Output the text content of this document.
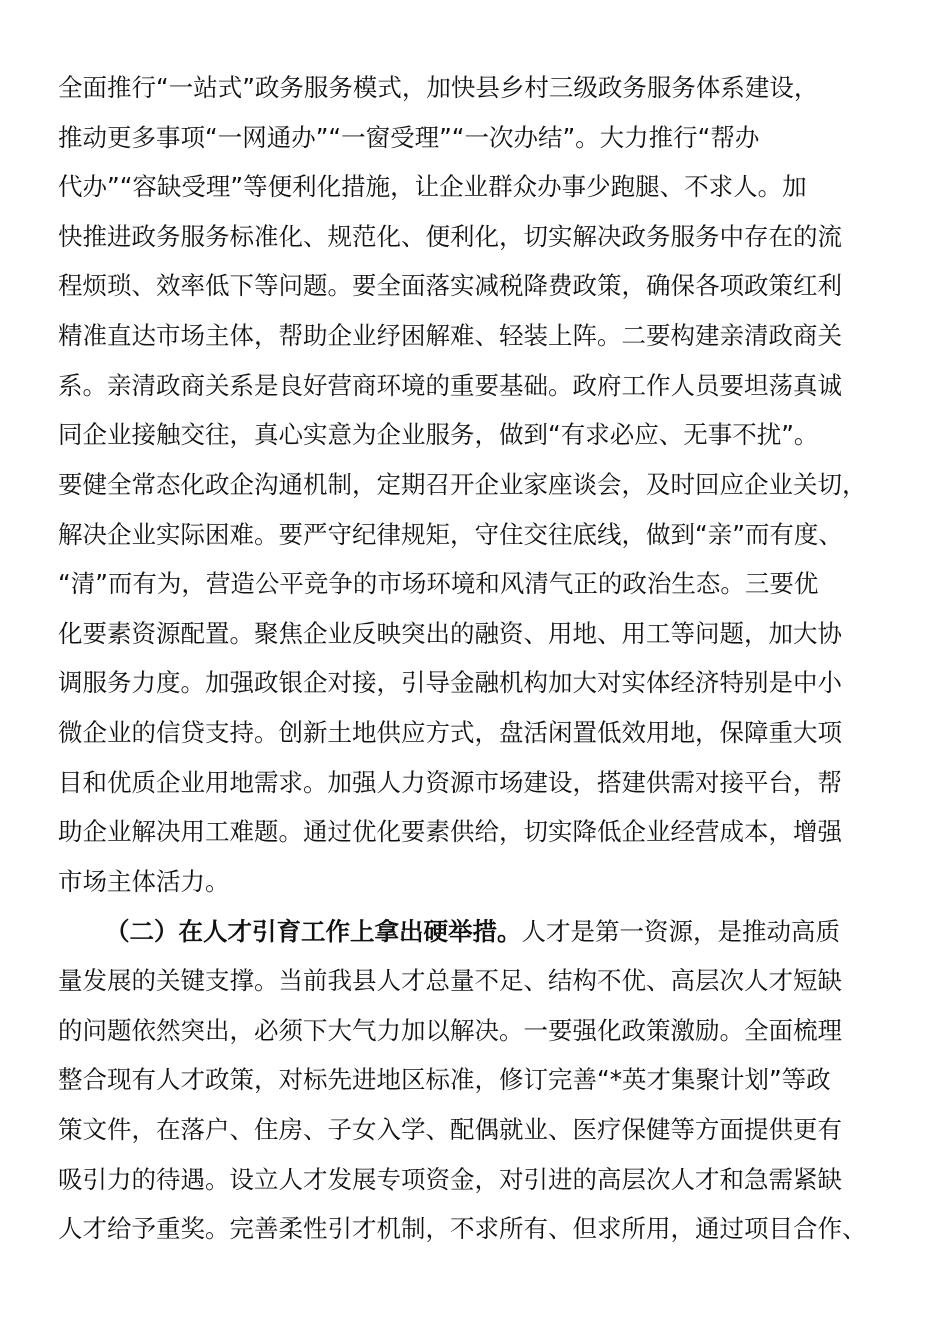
全面推行“一站式”政务服务模式，加快县乡村三级政务服务体系建设，
推动更多事项“一网通办”“一窗受理”“一次办结”。大力推行“帮办
代办”“容缺受理”等便利化措施，让企业群众办事少跑腿、不求人。加
快推进政务服务标准化、规范化、便利化，切实解决政务服务中存在的流
程烦琐、效率低下等问题。要全面落实减税降费政策，确保各项政策红利
精准直达市场主体，帮助企业纾困解难、轻装上阵。二要构建亲清政商关
系。亲清政商关系是良好营商环境的重要基础。政府工作人员要坦荡真诚
同企业接触交往，真心实意为企业服务，做到“有求必应、无事不扰”。
要健全常态化政企沟通机制，定期召开企业家座谈会，及时回应企业关切，
解决企业实际困难。要严守纪律规矩，守住交往底线，做到“亲”而有度、
“清”而有为，营造公平竞争的市场环境和风清气正的政治生态。三要优
化要素资源配置。聚焦企业反映突出的融资、用地、用工等问题，加大协
调服务力度。加强政银企对接，引导金融机构加大对实体经济特别是中小
微企业的信贷支持。创新土地供应方式，盘活闲置低效用地，保障重大项
目和优质企业用地需求。加强人力资源市场建设，搭建供需对接平台，帮
助企业解决用工难题。通过优化要素供给，切实降低企业经营成本，增强
市场主体活力。
（二）在人才引育工作上拿出硬举措。人才是第一资源，是推动高质
量发展的关键支撑。当前我县人才总量不足、结构不优、高层次人才短缺
的问题依然突出，必须下大气力加以解决。一要强化政策激励。全面梳理
整合现有人才政策，对标先进地区标准，修订完善“*英才集聚计划”等政
策文件，在落户、住房、子女入学、配偶就业、医疗保健等方面提供更有
吸引力的待遇。设立人才发展专项资金，对引进的高层次人才和急需紧缺
人才给予重奖。完善柔性引才机制，不求所有、但求所用，通过项目合作、
